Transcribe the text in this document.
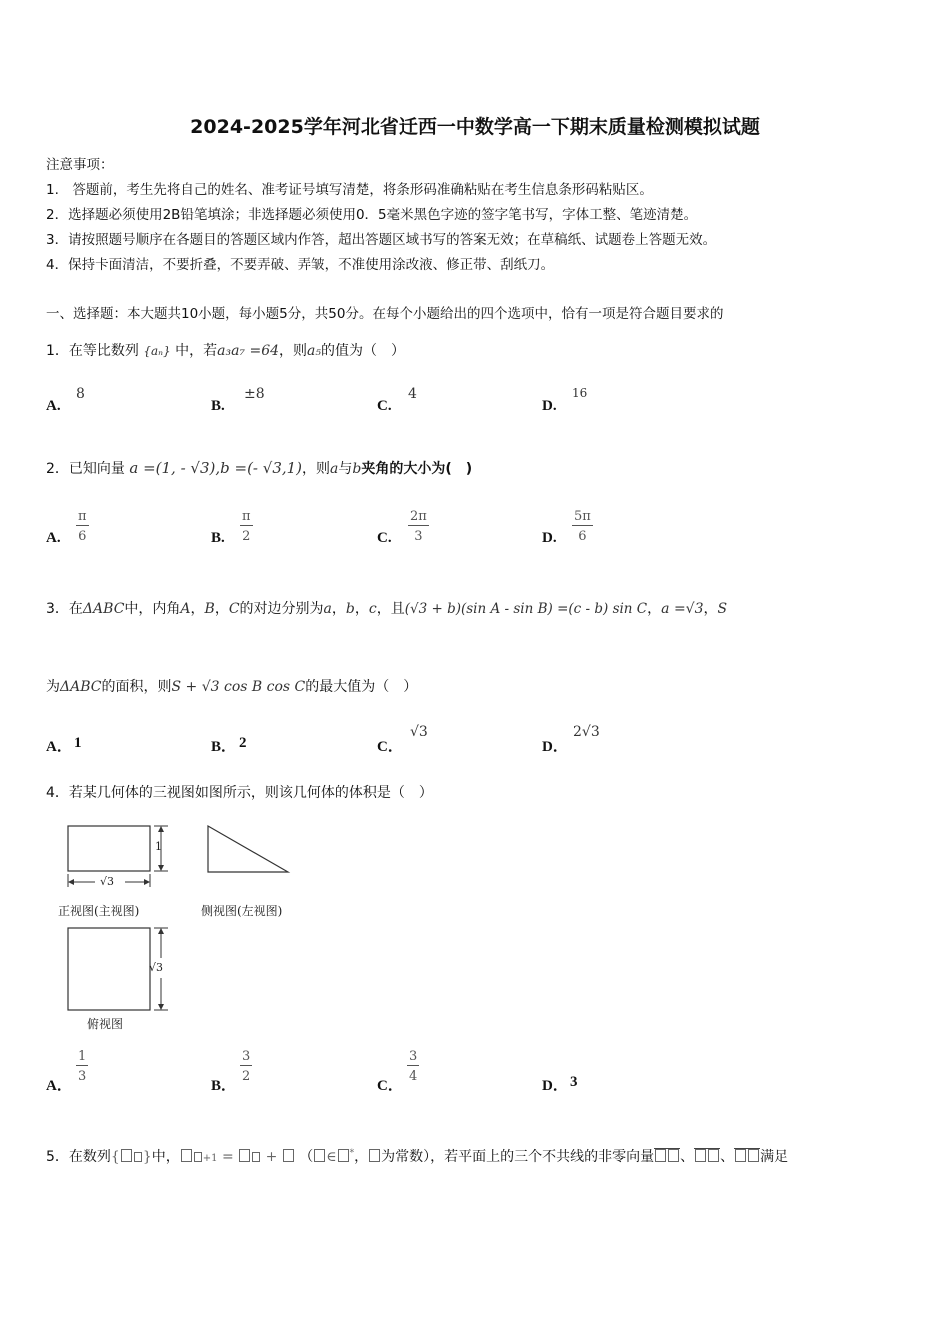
2024-2025学年河北省迁西一中数学高一下期末质量检测模拟试题
注意事项：
1.　答题前，考生先将自己的姓名、准考证号填写清楚，将条形码准确粘贴在考生信息条形码粘贴区。
2．选择题必须使用2B铅笔填涂；非选择题必须使用0．5毫米黑色字迹的签字笔书写，字体工整、笔迹清楚。
3．请按照题号顺序在各题目的答题区域内作答，超出答题区域书写的答案无效；在草稿纸、试题卷上答题无效。
4．保持卡面清洁，不要折叠，不要弄破、弄皱，不准使用涂改液、修正带、刮纸刀。
一、选择题：本大题共10小题，每小题5分，共50分。在每个小题给出的四个选项中，恰有一项是符合题目要求的
1．在等比数列 {aₙ} 中，若a₃a₇ =64，则a₅的值为（　）
A.
8
B.
±8
C.
4
D.
16
2．已知向量 a =(1, - √3),b =(- √3,1)，则a与b夹角的大小为(　)
A. $\frac{\pi}{6}$	B. $\frac{\pi}{2}$	C. $\frac{2\pi}{3}$	D. $\frac{5\pi}{6}$
3．在ΔABC中，内角A，B，C的对边分别为a，b，c，且(√3 + b)(sin A - sin B) =(c - b) sin C，a =√3，S
为ΔABC的面积，则S + √3 cos B cos C的最大值为（　）
A． 1	B． 2	C．
√3
D．
2√3
4．若某几何体的三视图如图所示，则该几何体的体积是（　）
1
√3
√3
正视图(主视图)	侧视图(左视图)
俯视图
A．
$\frac{1}{3}$
B．
$\frac{3}{2}$
C．
$\frac{3}{4}$
D． 3
5．在数列{ }中， +1 = + （ ∈ *， 为常数），若平面上的三个不共线的非零向量 、 、 满足
